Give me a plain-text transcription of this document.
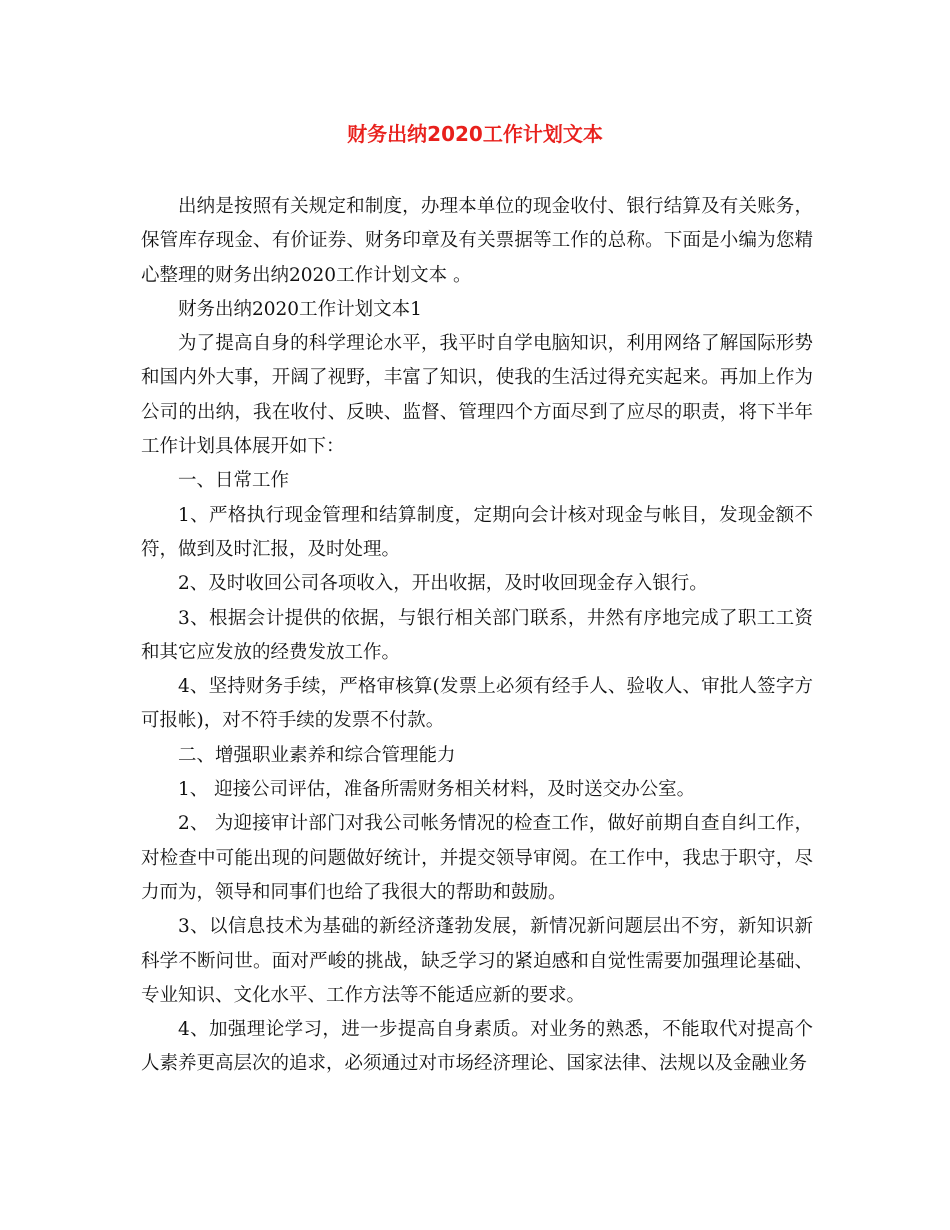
财务出纳2020工作计划文本

出纳是按照有关规定和制度，办理本单位的现金收付、银行结算及有关账务，保管库存现金、有价证券、财务印章及有关票据等工作的总称。下面是小编为您精心整理的财务出纳2020工作计划文本 。

财务出纳2020工作计划文本1

为了提高自身的科学理论水平，我平时自学电脑知识，利用网络了解国际形势和国内外大事，开阔了视野，丰富了知识，使我的生活过得充实起来。再加上作为公司的出纳，我在收付、反映、监督、管理四个方面尽到了应尽的职责，将下半年工作计划具体展开如下：

一、日常工作

1、严格执行现金管理和结算制度，定期向会计核对现金与帐目，发现金额不符，做到及时汇报，及时处理。

2、及时收回公司各项收入，开出收据，及时收回现金存入银行。

3、根据会计提供的依据，与银行相关部门联系，井然有序地完成了职工工资和其它应发放的经费发放工作。

4、坚持财务手续，严格审核算(发票上必须有经手人、验收人、审批人签字方可报帐)，对不符手续的发票不付款。

二、增强职业素养和综合管理能力

1、 迎接公司评估，准备所需财务相关材料，及时送交办公室。

2、 为迎接审计部门对我公司帐务情况的检查工作，做好前期自查自纠工作，对检查中可能出现的问题做好统计，并提交领导审阅。在工作中，我忠于职守，尽力而为，领导和同事们也给了我很大的帮助和鼓励。

3、以信息技术为基础的新经济蓬勃发展，新情况新问题层出不穷，新知识新科学不断问世。面对严峻的挑战，缺乏学习的紧迫感和自觉性需要加强理论基础、专业知识、文化水平、工作方法等不能适应新的要求。

4、加强理论学习，进一步提高自身素质。对业务的熟悉，不能取代对提高个人素养更高层次的追求，必须通过对市场经济理论、国家法律、法规以及金融业务
